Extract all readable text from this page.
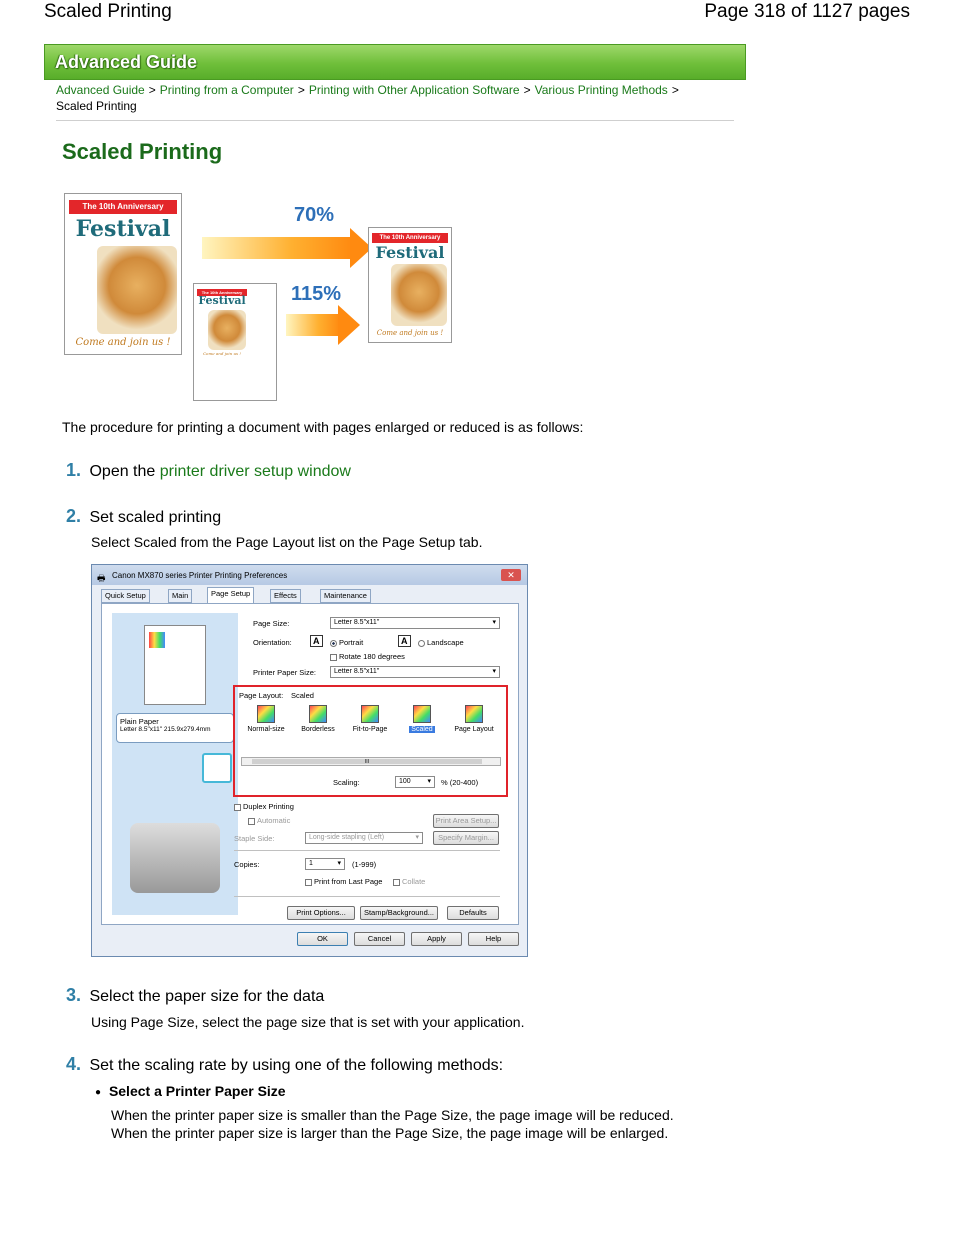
Scaled Printing	Page 318 of 1127 pages
Advanced Guide
Advanced Guide > Printing from a Computer > Printing with Other Application Software > Various Printing Methods >
Scaled Printing
Scaled Printing
The 10th Anniversary
Festival
Come and join us !
70%
The 10th Anniversary
Festival
Come and join us !
The 10th Anniversary
Festival
Come and join us !
115%
The procedure for printing a document with pages enlarged or reduced is as follows:
1. Open the printer driver setup window
2. Set scaled printing
Select Scaled from the Page Layout list on the Page Setup tab.
🖶 Canon MX870 series Printer Printing Preferences	✕
Quick Setup	Main	Page Setup	Effects	Maintenance
Plain Paper
Letter 8.5"x11" 215.9x279.4mm
Page Size:	Letter 8.5"x11" ▾
Orientation:	A	Portrait	A	Landscape
Rotate 180 degrees
Printer Paper Size:	Letter 8.5"x11" ▾
Page Layout: Scaled
Normal-size	Borderless	Fit-to-Page	Scaled	Page Layout
III
Scaling:	100 ▾	% (20-400)
Duplex Printing
Automatic	Print Area Setup...
Staple Side:	Long-side stapling (Left) ▾	Specify Margin...
Copies:	1 ▾	(1-999)
Print from Last Page	Collate
Print Options...	Stamp/Background...	Defaults
OK	Cancel	Apply	Help
3. Select the paper size for the data
Using Page Size, select the page size that is set with your application.
4. Set the scaling rate by using one of the following methods:
● Select a Printer Paper Size
When the printer paper size is smaller than the Page Size, the page image will be reduced.
When the printer paper size is larger than the Page Size, the page image will be enlarged.
